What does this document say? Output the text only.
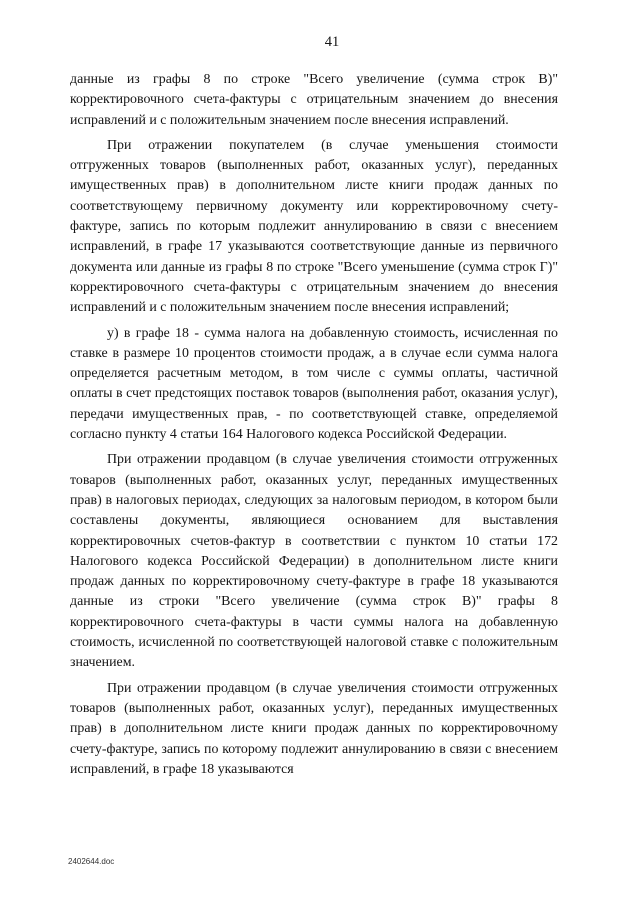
41

данные из графы 8 по строке "Всего увеличение (сумма строк В)" корректировочного счета-фактуры с отрицательным значением до внесения исправлений и с положительным значением после внесения исправлений.

При отражении покупателем (в случае уменьшения стоимости отгруженных товаров (выполненных работ, оказанных услуг), переданных имущественных прав) в дополнительном листе книги продаж данных по соответствующему первичному документу или корректировочному счету-фактуре, запись по которым подлежит аннулированию в связи с внесением исправлений, в графе 17 указываются соответствующие данные из первичного документа или данные из графы 8 по строке "Всего уменьшение (сумма строк Г)" корректировочного счета-фактуры с отрицательным значением до внесения исправлений и с положительным значением после внесения исправлений;

у) в графе 18 - сумма налога на добавленную стоимость, исчисленная по ставке в размере 10 процентов стоимости продаж, а в случае если сумма налога определяется расчетным методом, в том числе с суммы оплаты, частичной оплаты в счет предстоящих поставок товаров (выполнения работ, оказания услуг), передачи имущественных прав, - по соответствующей ставке, определяемой согласно пункту 4 статьи 164 Налогового кодекса Российской Федерации.

При отражении продавцом (в случае увеличения стоимости отгруженных товаров (выполненных работ, оказанных услуг, переданных имущественных прав) в налоговых периодах, следующих за налоговым периодом, в котором были составлены документы, являющиеся основанием для выставления корректировочных счетов-фактур в соответствии с пунктом 10 статьи 172 Налогового кодекса Российской Федерации) в дополнительном листе книги продаж данных по корректировочному счету-фактуре в графе 18 указываются данные из строки "Всего увеличение (сумма строк В)" графы 8 корректировочного счета-фактуры в части суммы налога на добавленную стоимость, исчисленной по соответствующей налоговой ставке с положительным значением.

При отражении продавцом (в случае увеличения стоимости отгруженных товаров (выполненных работ, оказанных услуг), переданных имущественных прав) в дополнительном листе книги продаж данных по корректировочному счету-фактуре, запись по которому подлежит аннулированию в связи с внесением исправлений, в графе 18 указываются

2402644.doc
